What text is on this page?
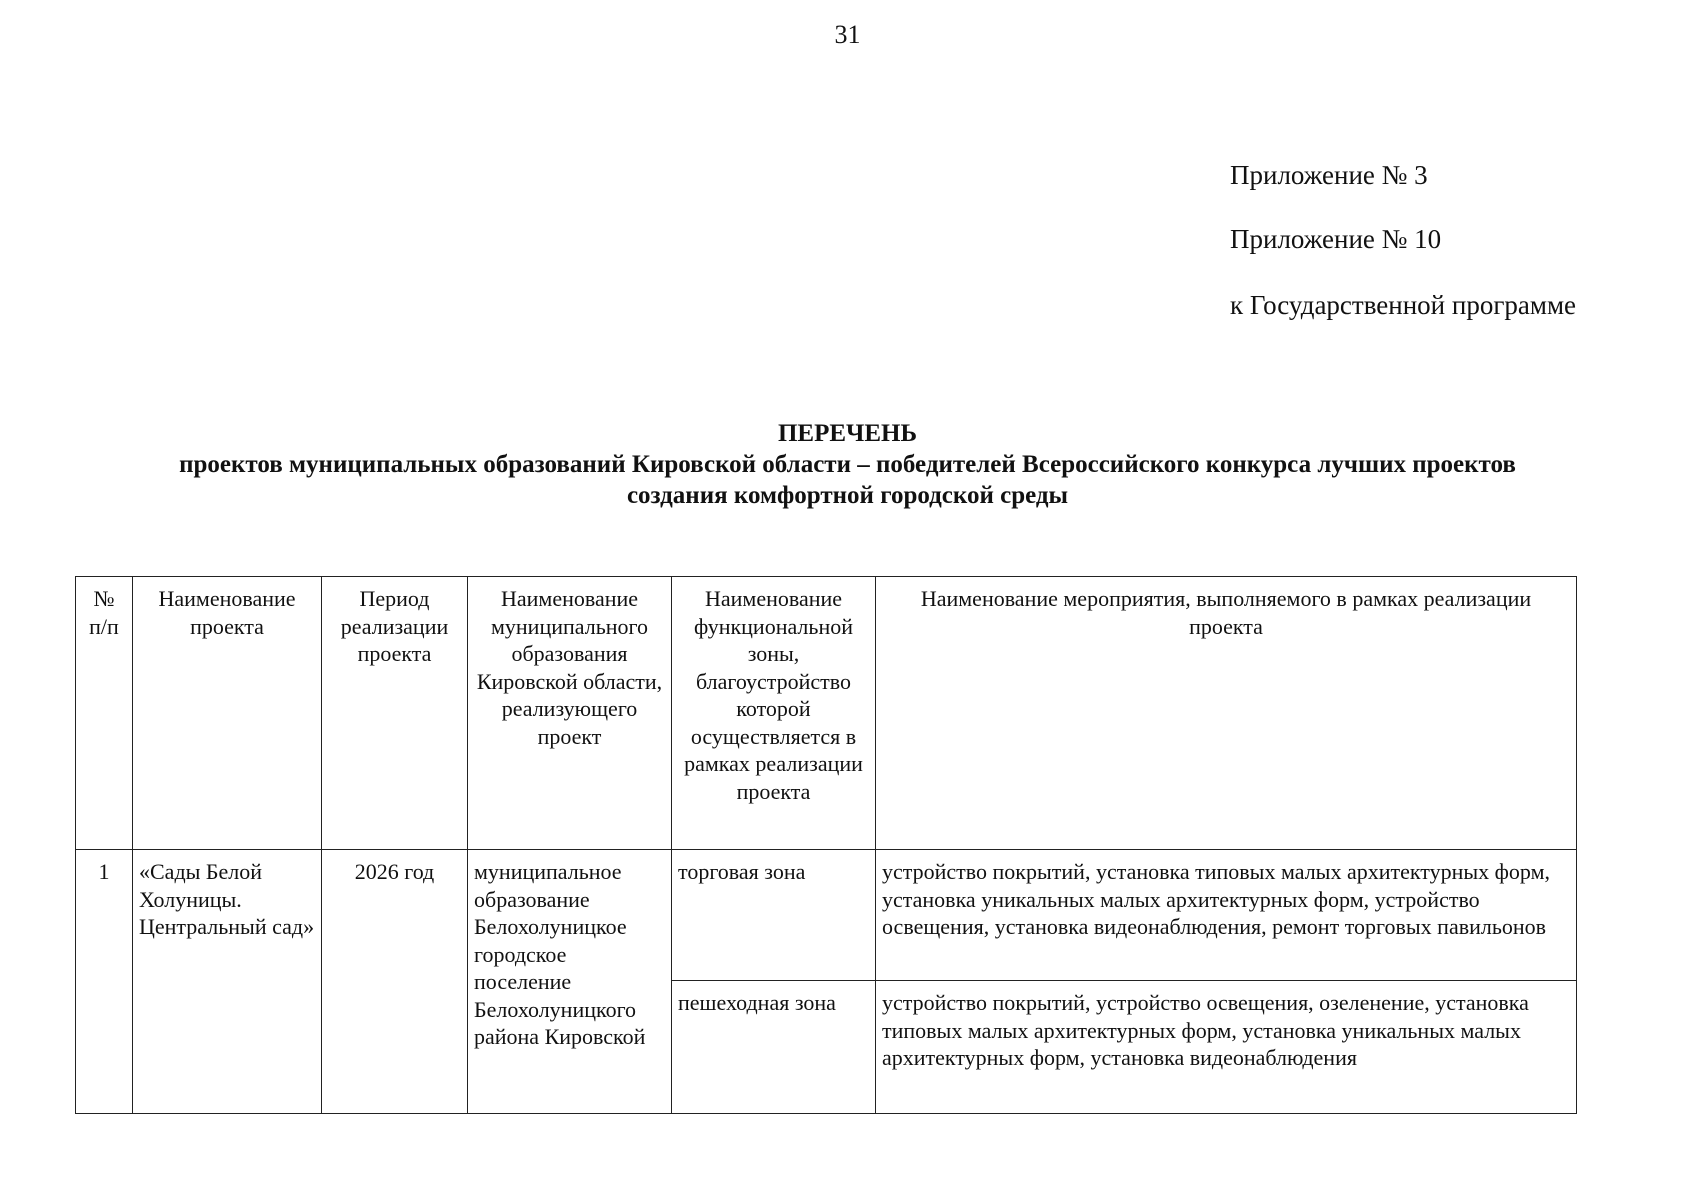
31
Приложение № 3
Приложение № 10
к Государственной программе
ПЕРЕЧЕНЬ
проектов муниципальных образований Кировской области – победителей Всероссийского конкурса лучших проектов
создания комфортной городской среды
№ п/п	Наименование проекта	Период реализации проекта	Наименование муниципального образования Кировской области, реализующего проект	Наименование функциональной зоны, благоустройство которой осуществляется в рамках реализации проекта	Наименование мероприятия, выполняемого в рамках реализации проекта
1	«Сады Белой Холуницы. Центральный сад»	2026 год	муниципальное образование Белохолуницкое городское поселение Белохолуницкого района Кировской	торговая зона	устройство покрытий, установка типовых малых архитектурных форм, установка уникальных малых архитектурных форм, устройство освещения, установка видеонаблюдения, ремонт торговых павильонов
				пешеходная зона	устройство покрытий, устройство освещения, озеленение, установка типовых малых архитектурных форм, установка уникальных малых архитектурных форм, установка видеонаблюдения
